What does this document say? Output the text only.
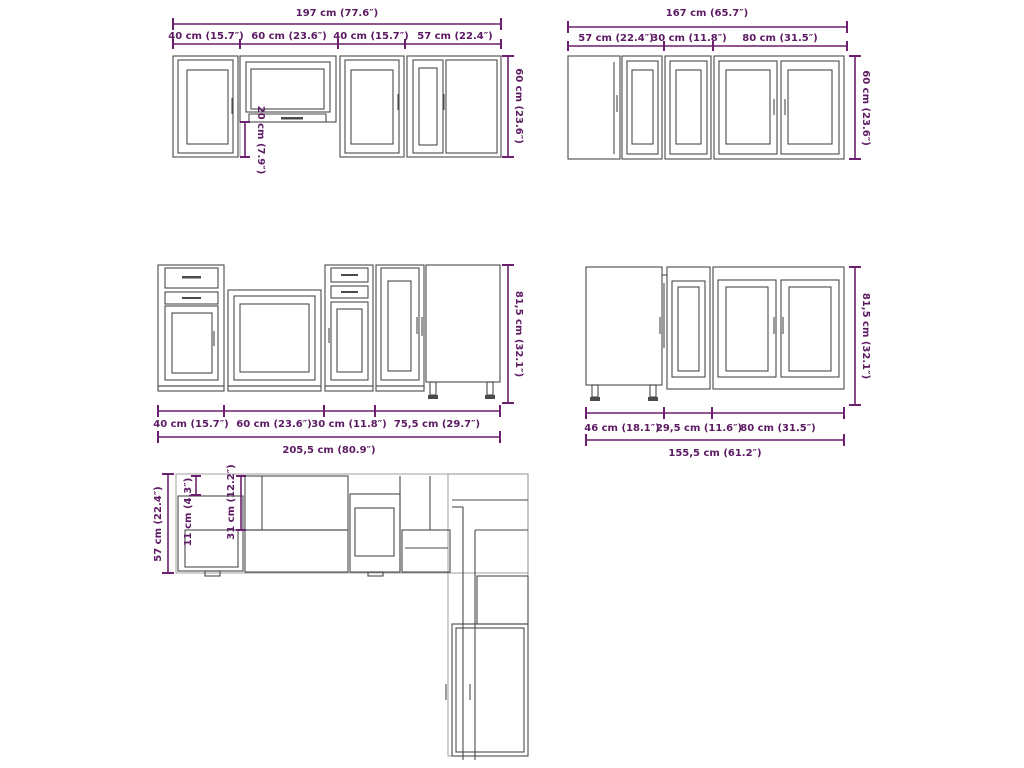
197 cm (77.6″)
40 cm (15.7″) 60 cm (23.6″) 40 cm (15.7″) 57 cm (22.4″)
60 cm (23.6″)
20 cm (7.9″)
167 cm (65.7″)
57 cm (22.4″)
30 cm (11.8″) 80 cm (31.5″)
60 cm (23.6″)
81,5 cm (32.1″)
40 cm (15.7″) 60 cm (23.6″) 30 cm (11.8″) 75,5 cm (29.7″)
205,5 cm (80.9″)
81,5 cm (32.1″)
46 cm (18.1″)
29,5 cm (11.6″)
80 cm (31.5″)
155,5 cm (61.2″)
57 cm (22.4″) 11 cm (4.3″)	31 cm (12.2″)
